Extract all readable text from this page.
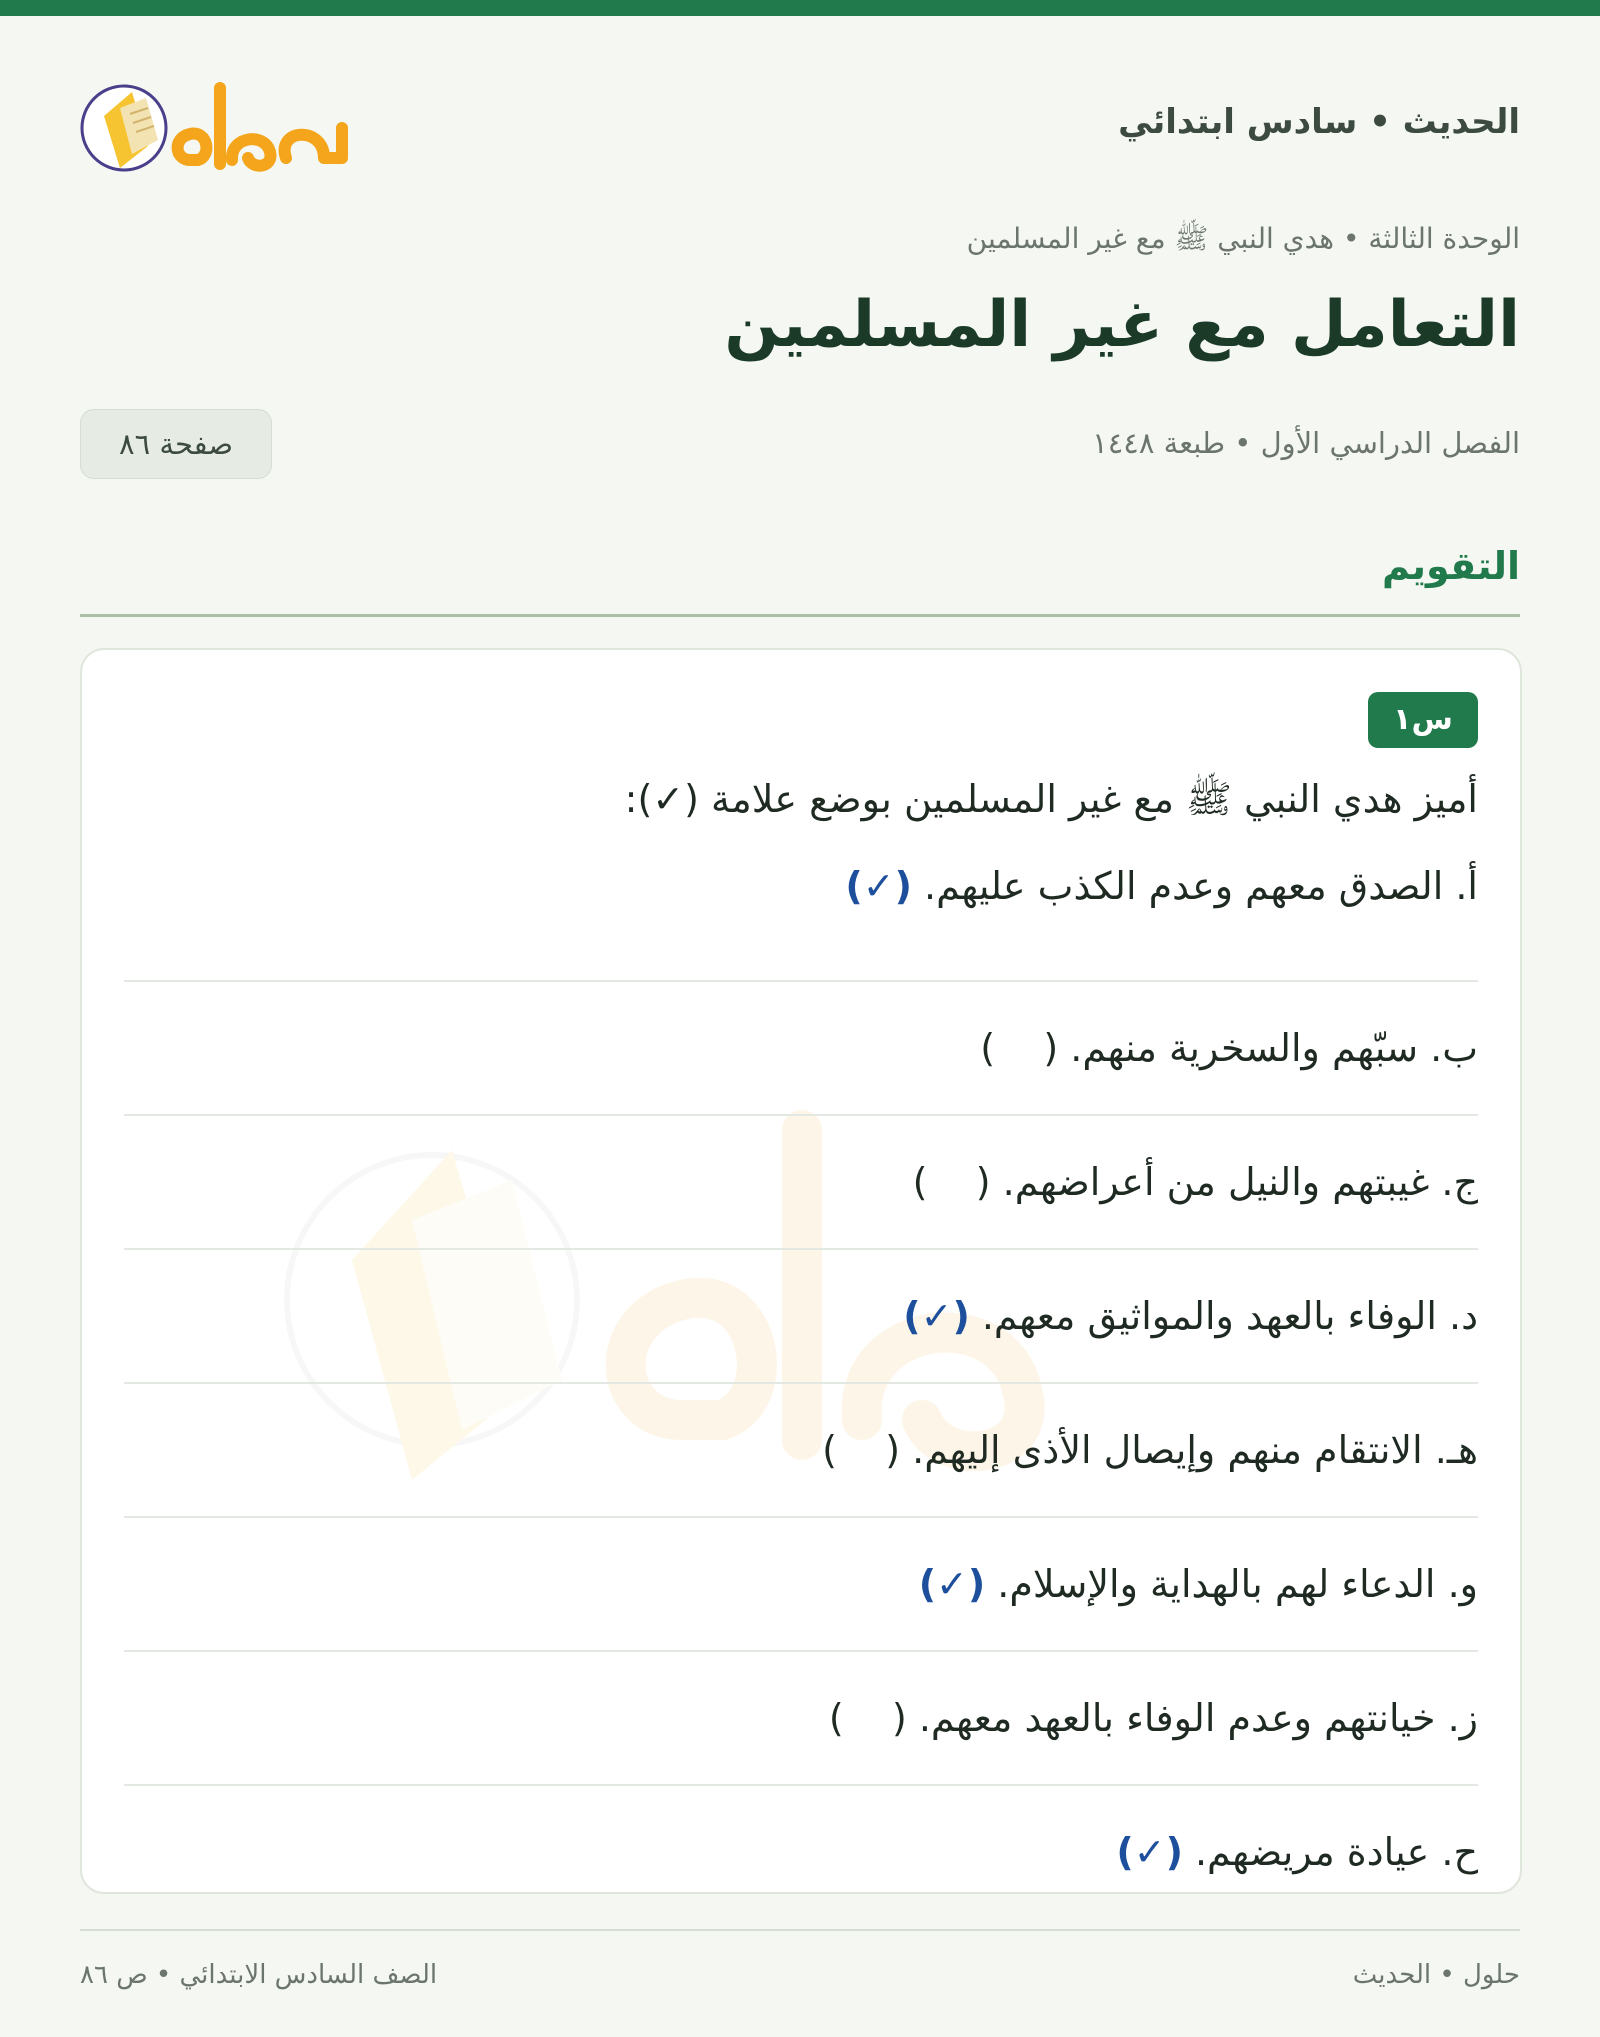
الحديث • سادس ابتدائي
الوحدة الثالثة • هدي النبي ﷺ مع غير المسلمين
التعامل مع غير المسلمين
الفصل الدراسي الأول • طبعة ١٤٤٨
صفحة ٨٦
التقويم
س١
أميز هدي النبي ﷺ مع غير المسلمين بوضع علامة (✓):
أ. الصدق معهم وعدم الكذب عليهم.
(✓)
ب. سبّهم والسخرية منهم.
(    )
ج. غيبتهم والنيل من أعراضهم.
(    )
د. الوفاء بالعهد والمواثيق معهم.
(✓)
هـ. الانتقام منهم وإيصال الأذى إليهم.
(    )
و. الدعاء لهم بالهداية والإسلام.
(✓)
ز. خيانتهم وعدم الوفاء بالعهد معهم.
(    )
ح. عيادة مريضهم.
(✓)
حلول • الحديث
الصف السادس الابتدائي • ص ٨٦
